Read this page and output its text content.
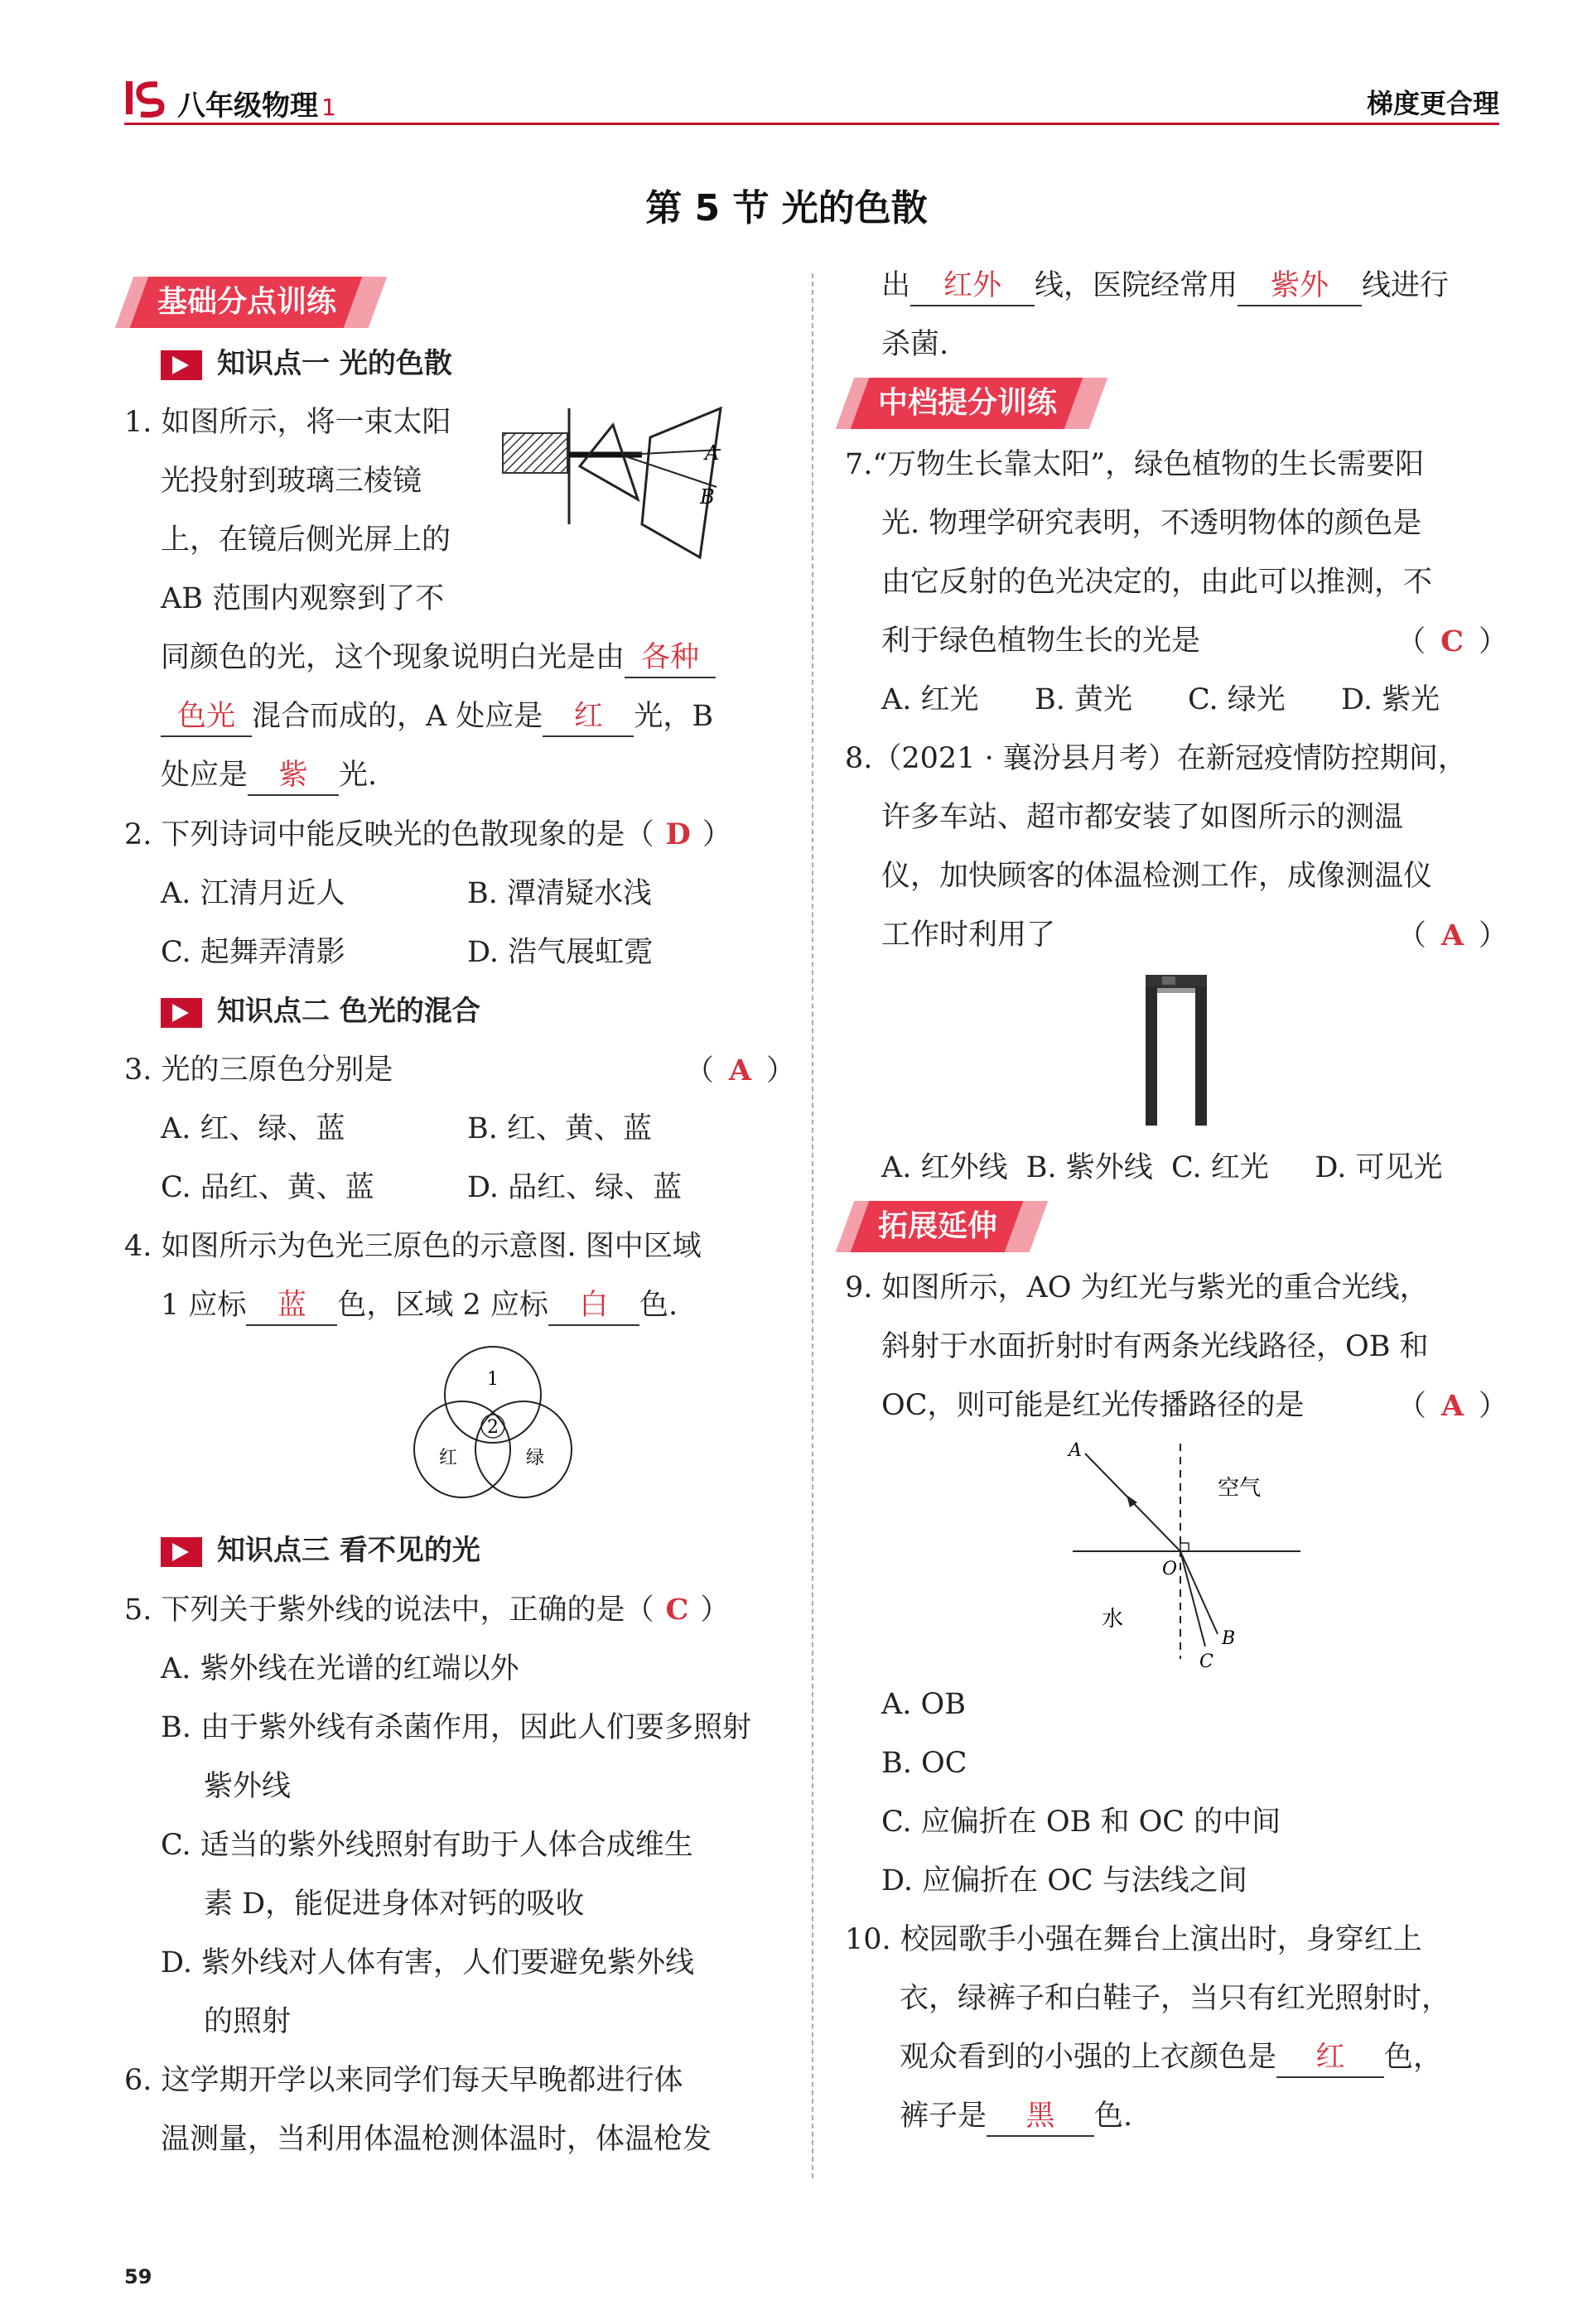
八年级物理 1	梯度更合理
第 5 节 光的色散
基础分点训练
知识点一 光的色散
1. 如图所示，将一束太阳
光投射到玻璃三棱镜
上，在镜后侧光屏上的
AB 范围内观察到了不
A
B
同颜色的光，这个现象说明白光是由 各种
色光 混合而成的，A 处应是 红 光，B
处应是 紫 光.
2. 下列诗词中能反映光的色散现象的是（ D ）
A. 江清月近人	B. 潭清疑水浅
C. 起舞弄清影	D. 浩气展虹霓
知识点二 色光的混合
3. 光的三原色分别是	（ A ）
A. 红、绿、蓝	B. 红、黄、蓝
C. 品红、黄、蓝	D. 品红、绿、蓝
4. 如图所示为色光三原色的示意图. 图中区域
1 应标 蓝 色，区域 2 应标 白 色.
1
2
红	绿
知识点三 看不见的光
5. 下列关于紫外线的说法中，正确的是（ C ）
A. 紫外线在光谱的红端以外
B. 由于紫外线有杀菌作用，因此人们要多照射
紫外线
C. 适当的紫外线照射有助于人体合成维生
素 D，能促进身体对钙的吸收
D. 紫外线对人体有害，人们要避免紫外线
的照射
6. 这学期开学以来同学们每天早晚都进行体
温测量，当利用体温枪测体温时，体温枪发
出 红外 线，医院经常用 紫外 线进行
杀菌.
中档提分训练
7.“万物生长靠太阳”，绿色植物的生长需要阳
光. 物理学研究表明，不透明物体的颜色是
由它反射的色光决定的，由此可以推测，不
利于绿色植物生长的光是	（ C ）
A. 红光	B. 黄光	C. 绿光	D. 紫光
8.（2021 · 襄汾县月考）在新冠疫情防控期间，
许多车站、超市都安装了如图所示的测温
仪，加快顾客的体温检测工作，成像测温仪
工作时利用了	（ A ）
A. 红外线  B. 紫外线  C. 红光     D. 可见光
拓展延伸
9. 如图所示，AO 为红光与紫光的重合光线，
斜射于水面折射时有两条光线路径，OB 和
OC，则可能是红光传播路径的是	（ A ）
A
O
B
C
空气
水
A. OB
B. OC
C. 应偏折在 OB 和 OC 的中间
D. 应偏折在 OC 与法线之间
10. 校园歌手小强在舞台上演出时，身穿红上
衣，绿裤子和白鞋子，当只有红光照射时，
观众看到的小强的上衣颜色是 红 色，
裤子是 黑 色.
59
